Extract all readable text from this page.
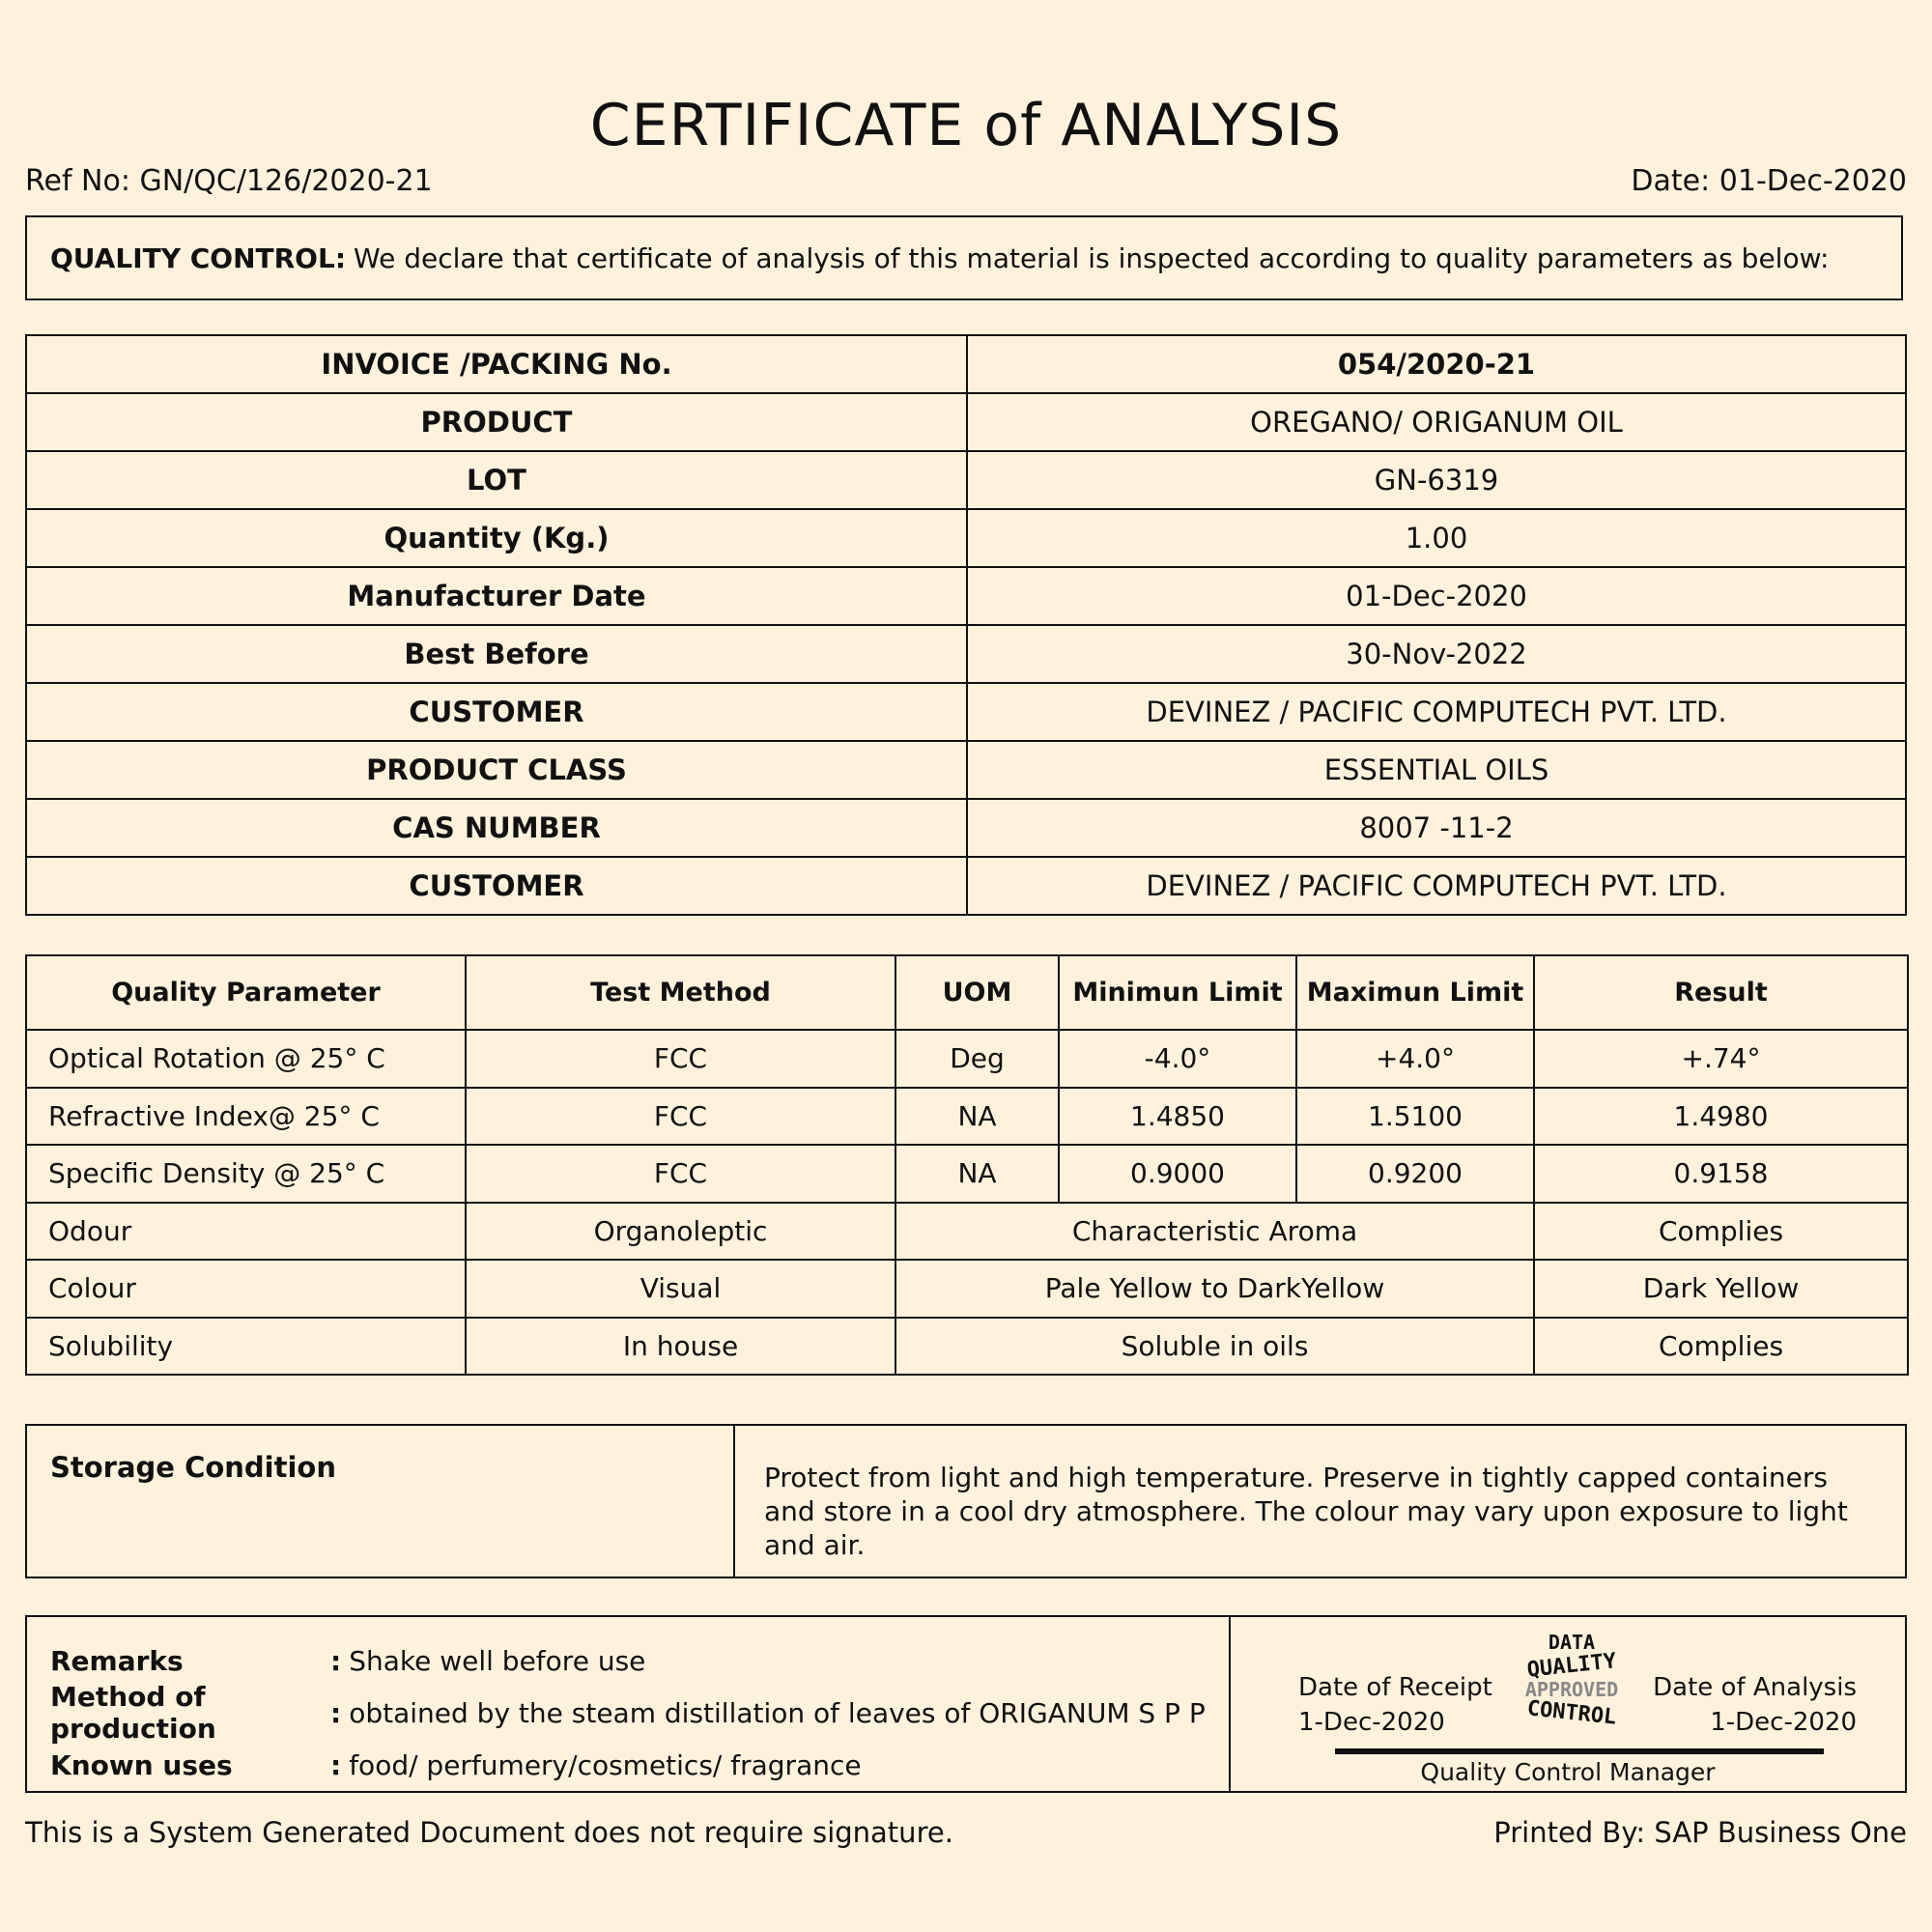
CERTIFICATE of ANALYSIS
Ref No: GN/QC/126/2020-21	Date: 01-Dec-2020
QUALITY CONTROL: We declare that certificate of analysis of this material is inspected according to quality parameters as below:
INVOICE /PACKING No.	054/2020-21
PRODUCT	OREGANO/ ORIGANUM OIL
LOT	GN-6319
Quantity (Kg.)	1.00
Manufacturer Date	01-Dec-2020
Best Before	30-Nov-2022
CUSTOMER	DEVINEZ / PACIFIC COMPUTECH PVT. LTD.
PRODUCT CLASS	ESSENTIAL OILS
CAS NUMBER	8007 -11-2
CUSTOMER	DEVINEZ / PACIFIC COMPUTECH PVT. LTD.
Quality Parameter	Test Method	UOM	Minimun Limit	Maximun Limit	Result
Optical Rotation @ 25° C	FCC	Deg	-4.0°	+4.0°	+.74°
Refractive Index@ 25° C	FCC	NA	1.4850	1.5100	1.4980
Specific Density @ 25° C	FCC	NA	0.9000	0.9200	0.9158
Odour	Organoleptic	Characteristic Aroma			Complies
Colour	Visual	Pale Yellow to DarkYellow			Dark Yellow
Solubility	In house	Soluble in oils			Complies
Storage Condition	Protect from light and high temperature. Preserve in tightly capped containers and store in a cool dry atmosphere. The colour may vary upon exposure to light and air.
Remarks	: Shake well before use
Method of production	: obtained by the steam distillation of leaves of ORIGANUM S P P
Known uses	: food/ perfumery/cosmetics/ fragrance

Date of Receipt
1-Dec-2020
DATA
QUALITY
APPROVED
CONTROL
Date of Analysis
1-Dec-2020
Quality Control Manager
This is a System Generated Document does not require signature.	Printed By: SAP Business One
